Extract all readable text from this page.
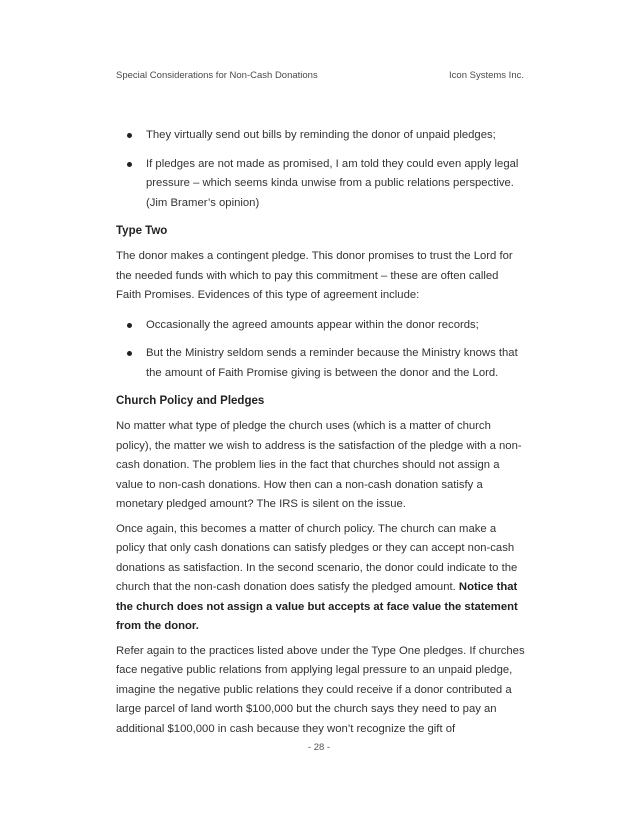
Special Considerations for Non-Cash Donations	Icon Systems Inc.
They virtually send out bills by reminding the donor of unpaid pledges;
If pledges are not made as promised, I am told they could even apply legal pressure – which seems kinda unwise from a public relations perspective. (Jim Bramer’s opinion)
Type Two

The donor makes a contingent pledge. This donor promises to trust the Lord for the needed funds with which to pay this commitment – these are often called Faith Promises. Evidences of this type of agreement include:

Occasionally the agreed amounts appear within the donor records;
But the Ministry seldom sends a reminder because the Ministry knows that the amount of Faith Promise giving is between the donor and the Lord.
Church Policy and Pledges

No matter what type of pledge the church uses (which is a matter of church policy), the matter we wish to address is the satisfaction of the pledge with a non-cash donation. The problem lies in the fact that churches should not assign a value to non-cash donations. How then can a non-cash donation satisfy a monetary pledged amount? The IRS is silent on the issue.

Once again, this becomes a matter of church policy. The church can make a policy that only cash donations can satisfy pledges or they can accept non-cash donations as satisfaction. In the second scenario, the donor could indicate to the church that the non-cash donation does satisfy the pledged amount. Notice that the church does not assign a value but accepts at face value the statement from the donor.

Refer again to the practices listed above under the Type One pledges. If churches face negative public relations from applying legal pressure to an unpaid pledge, imagine the negative public relations they could receive if a donor contributed a large parcel of land worth $100,000 but the church says they need to pay an additional $100,000 in cash because they won’t recognize the gift of

- 28 -
